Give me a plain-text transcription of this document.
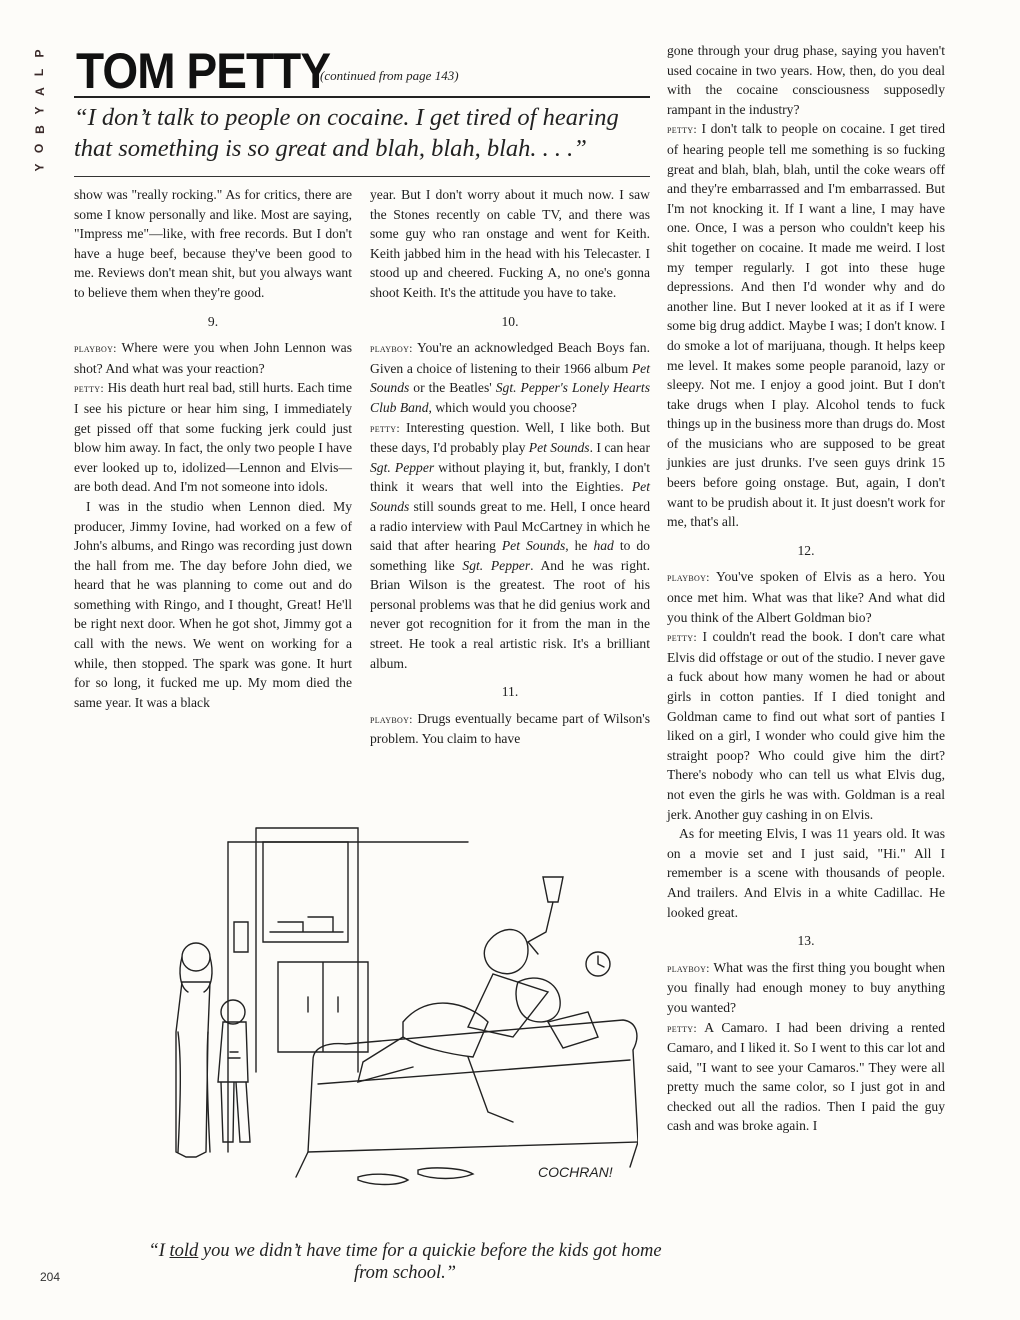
P
L
A
Y
B
O
Y
TOM PETTY
(continued from page 143)
“I don’t talk to people on cocaine. I get tired of hearing that something is so great and blah, blah, blah. . . .”

show was "really rocking." As for critics, there are some I know personally and like. Most are saying, "Impress me"—like, with free records. But I don't have a huge beef, because they've been good to me. Reviews don't mean shit, but you always want to believe them when they're good.

9.

playboy: Where were you when John Lennon was shot? And what was your reaction?

petty: His death hurt real bad, still hurts. Each time I see his picture or hear him sing, I immediately get pissed off that some fucking jerk could just blow him away. In fact, the only two people I have ever looked up to, idolized—Lennon and Elvis—are both dead. And I'm not someone into idols.

I was in the studio when Lennon died. My producer, Jimmy Iovine, had worked on a few of John's albums, and Ringo was recording just down the hall from me. The day before John died, we heard that he was planning to come out and do something with Ringo, and I thought, Great! He'll be right next door. When he got shot, Jimmy got a call with the news. We went on working for a while, then stopped. The spark was gone. It hurt for so long, it fucked me up. My mom died the same year. It was a black

year. But I don't worry about it much now. I saw the Stones recently on cable TV, and there was some guy who ran onstage and went for Keith. Keith jabbed him in the head with his Telecaster. I stood up and cheered. Fucking A, no one's gonna shoot Keith. It's the attitude you have to take.

10.

playboy: You're an acknowledged Beach Boys fan. Given a choice of listening to their 1966 album Pet Sounds or the Beatles' Sgt. Pepper's Lonely Hearts Club Band, which would you choose?

petty: Interesting question. Well, I like both. But these days, I'd probably play Pet Sounds. I can hear Sgt. Pepper without playing it, but, frankly, I don't think it wears that well into the Eighties. Pet Sounds still sounds great to me. Hell, I once heard a radio interview with Paul McCartney in which he said that after hearing Pet Sounds, he had to do something like Sgt. Pepper. And he was right. Brian Wilson is the greatest. The root of his personal problems was that he did genius work and never got recognition for it from the man in the street. He took a real artistic risk. It's a brilliant album.

11.

playboy: Drugs eventually became part of Wilson's problem. You claim to have

gone through your drug phase, saying you haven't used cocaine in two years. How, then, do you deal with the cocaine consciousness supposedly rampant in the industry?

petty: I don't talk to people on cocaine. I get tired of hearing people tell me something is so fucking great and blah, blah, blah, until the coke wears off and they're embarrassed and I'm embarrassed. But I'm not knocking it. If I want a line, I may have one. Once, I was a person who couldn't keep his shit together on cocaine. It made me weird. I lost my temper regularly. I got into these huge depressions. And then I'd wonder why and do another line. But I never looked at it as if I were some big drug addict. Maybe I was; I don't know. I do smoke a lot of marijuana, though. It helps keep me level. It makes some people paranoid, lazy or sleepy. Not me. I enjoy a good joint. But I don't take drugs when I play. Alcohol tends to fuck things up in the business more than drugs do. Most of the musicians who are supposed to be great junkies are just drunks. I've seen guys drink 15 beers before going onstage. But, again, I don't want to be prudish about it. It just doesn't work for me, that's all.

12.

playboy: You've spoken of Elvis as a hero. You once met him. What was that like? And what did you think of the Albert Goldman bio?

petty: I couldn't read the book. I don't care what Elvis did offstage or out of the studio. I never gave a fuck about how many women he had or about girls in cotton panties. If I died tonight and Goldman came to find out what sort of panties I liked on a girl, I wonder who could give him the straight poop? Who could give him the dirt? There's nobody who can tell us what Elvis dug, not even the girls he was with. Goldman is a real jerk. Another guy cashing in on Elvis.

As for meeting Elvis, I was 11 years old. It was on a movie set and I just said, "Hi." All I remember is a scene with thousands of people. And trailers. And Elvis in a white Cadillac. He looked great.

13.

playboy: What was the first thing you bought when you finally had enough money to buy anything you wanted?

petty: A Camaro. I had been driving a rented Camaro, and I liked it. So I went to this car lot and said, "I want to see your Camaros." They were all pretty much the same color, so I just got in and checked out all the radios. Then I paid the guy cash and was broke again. I

COCHRAN!
“I told you we didn’t have time for a quickie before the kids got home from school.”
204
